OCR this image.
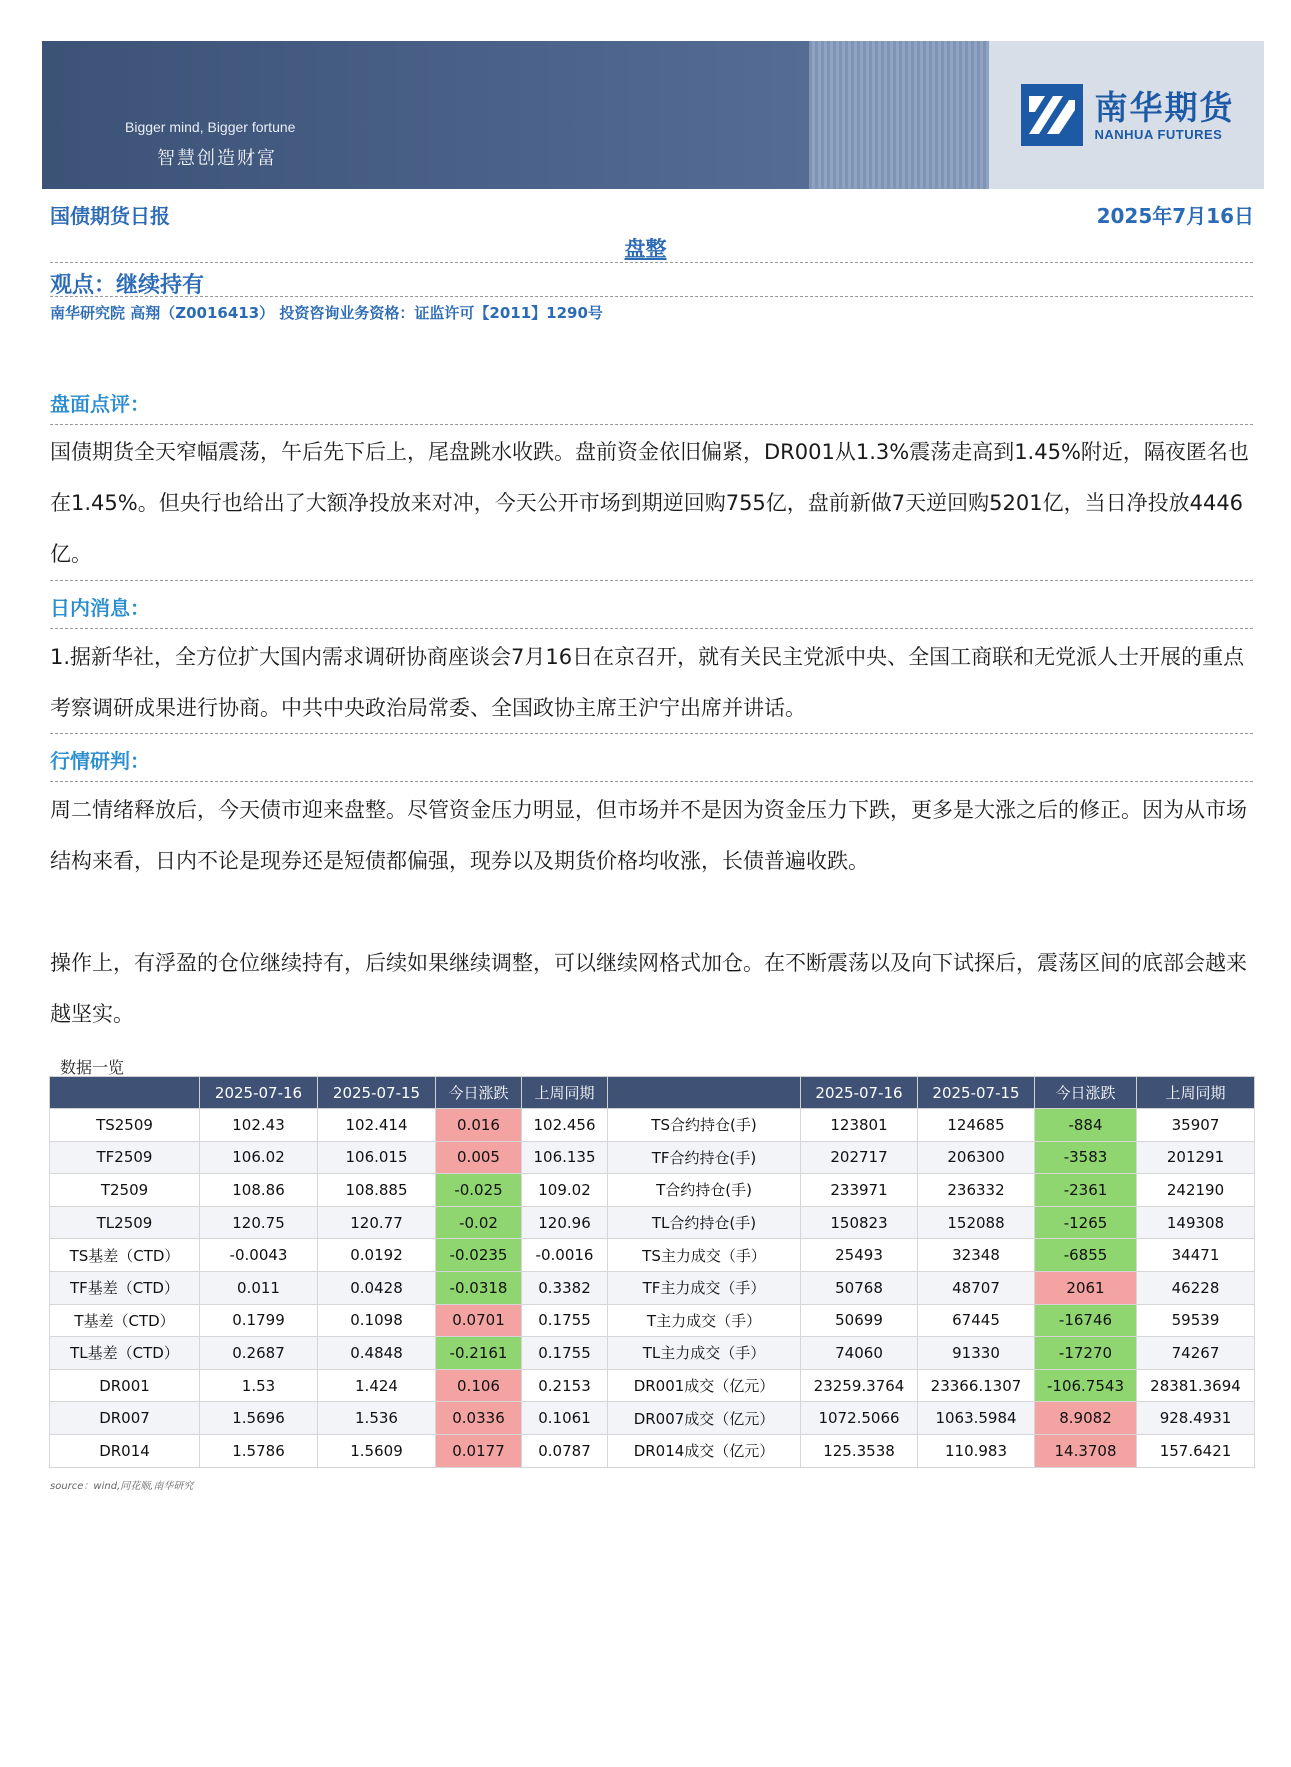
Bigger mind, Bigger fortune
智慧创造财富
南华期货
NANHUA FUTURES
国债期货日报	2025年7月16日
盘整
观点：继续持有
南华研究院 高翔（Z0016413） 投资咨询业务资格：证监许可【2011】1290号
盘面点评：
国债期货全天窄幅震荡，午后先下后上，尾盘跳水收跌。盘前资金依旧偏紧，DR001从1.3%震荡走高到1.45%附近，隔夜匿名也在1.45%。但央行也给出了大额净投放来对冲，今天公开市场到期逆回购755亿，盘前新做7天逆回购5201亿，当日净投放4446亿。
日内消息：
1.据新华社，全方位扩大国内需求调研协商座谈会7月16日在京召开，就有关民主党派中央、全国工商联和无党派人士开展的重点考察调研成果进行协商。中共中央政治局常委、全国政协主席王沪宁出席并讲话。
行情研判：
周二情绪释放后，今天债市迎来盘整。尽管资金压力明显，但市场并不是因为资金压力下跌，更多是大涨之后的修正。因为从市场结构来看，日内不论是现券还是短债都偏强，现券以及期货价格均收涨，长债普遍收跌。
操作上，有浮盈的仓位继续持有，后续如果继续调整，可以继续网格式加仓。在不断震荡以及向下试探后，震荡区间的底部会越来越坚实。
数据一览
	2025-07-16	2025-07-15	今日涨跌	上周同期		2025-07-16	2025-07-15	今日涨跌	上周同期
TS2509	102.43	102.414	0.016	102.456	TS合约持仓(手)	123801	124685	-884	35907
TF2509	106.02	106.015	0.005	106.135	TF合约持仓(手)	202717	206300	-3583	201291
T2509	108.86	108.885	-0.025	109.02	T合约持仓(手)	233971	236332	-2361	242190
TL2509	120.75	120.77	-0.02	120.96	TL合约持仓(手)	150823	152088	-1265	149308
TS基差（CTD）	-0.0043	0.0192	-0.0235	-0.0016	TS主力成交（手）	25493	32348	-6855	34471
TF基差（CTD）	0.011	0.0428	-0.0318	0.3382	TF主力成交（手）	50768	48707	2061	46228
T基差（CTD）	0.1799	0.1098	0.0701	0.1755	T主力成交（手）	50699	67445	-16746	59539
TL基差（CTD）	0.2687	0.4848	-0.2161	0.1755	TL主力成交（手）	74060	91330	-17270	74267
DR001	1.53	1.424	0.106	0.2153	DR001成交（亿元）	23259.3764	23366.1307	-106.7543	28381.3694
DR007	1.5696	1.536	0.0336	0.1061	DR007成交（亿元）	1072.5066	1063.5984	8.9082	928.4931
DR014	1.5786	1.5609	0.0177	0.0787	DR014成交（亿元）	125.3538	110.983	14.3708	157.6421
source：wind,同花顺,南华研究
